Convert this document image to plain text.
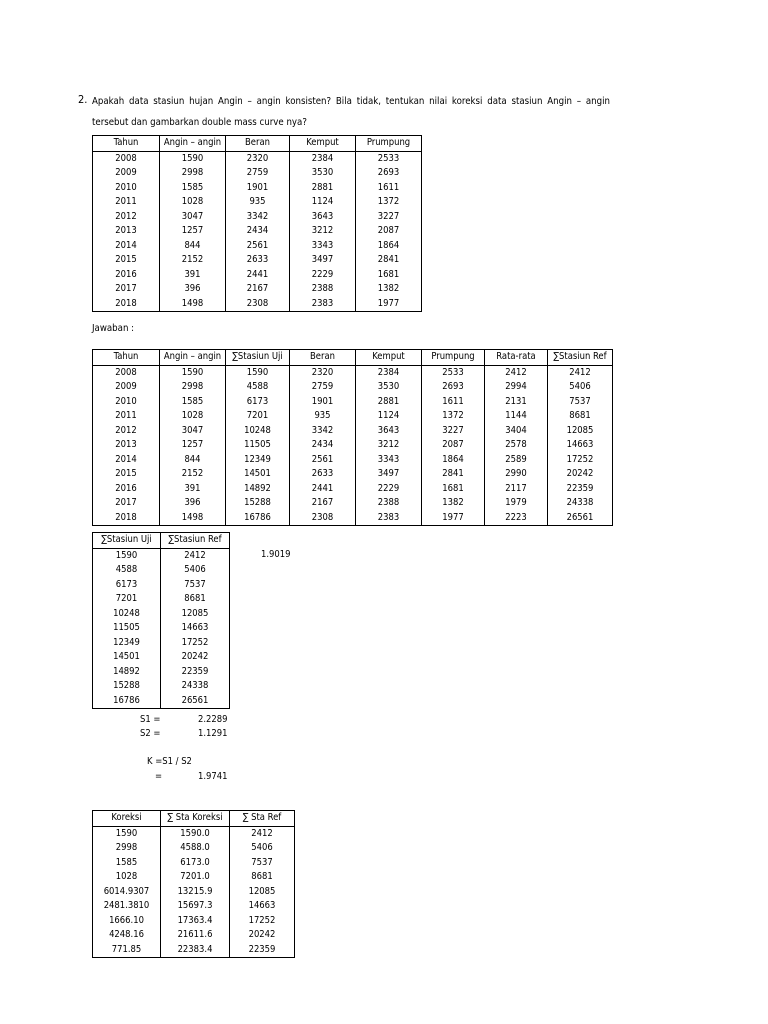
2. Apakah data stasiun hujan Angin – angin konsisten? Bila tidak, tentukan nilai koreksi data stasiun Angin – angin tersebut dan gambarkan double mass curve nya?
Tahun	Angin – angin	Beran	Kemput	Prumpung
2008	1590	2320	2384	2533
2009	2998	2759	3530	2693
2010	1585	1901	2881	1611
2011	1028	935	1124	1372
2012	3047	3342	3643	3227
2013	1257	2434	3212	2087
2014	844	2561	3343	1864
2015	2152	2633	3497	2841
2016	391	2441	2229	1681
2017	396	2167	2388	1382
2018	1498	2308	2383	1977
Jawaban :
Tahun	Angin – angin	∑Stasiun Uji	Beran	Kemput	Prumpung	Rata-rata	∑Stasiun Ref
2008	1590	1590	2320	2384	2533	2412	2412
2009	2998	4588	2759	3530	2693	2994	5406
2010	1585	6173	1901	2881	1611	2131	7537
2011	1028	7201	935	1124	1372	1144	8681
2012	3047	10248	3342	3643	3227	3404	12085
2013	1257	11505	2434	3212	2087	2578	14663
2014	844	12349	2561	3343	1864	2589	17252
2015	2152	14501	2633	3497	2841	2990	20242
2016	391	14892	2441	2229	1681	2117	22359
2017	396	15288	2167	2388	1382	1979	24338
2018	1498	16786	2308	2383	1977	2223	26561
∑Stasiun Uji	∑Stasiun Ref
1590	2412
4588	5406
6173	7537
7201	8681
10248	12085
11505	14663
12349	17252
14501	20242
14892	22359
15288	24338
16786	26561
1.9019
S1 =	2.2289
S2 =	1.1291
K =S1 / S2
=	1.9741
Koreksi	∑ Sta Koreksi	∑ Sta Ref
1590	1590.0	2412
2998	4588.0	5406
1585	6173.0	7537
1028	7201.0	8681
6014.9307	13215.9	12085
2481.3810	15697.3	14663
1666.10	17363.4	17252
4248.16	21611.6	20242
771.85	22383.4	22359
